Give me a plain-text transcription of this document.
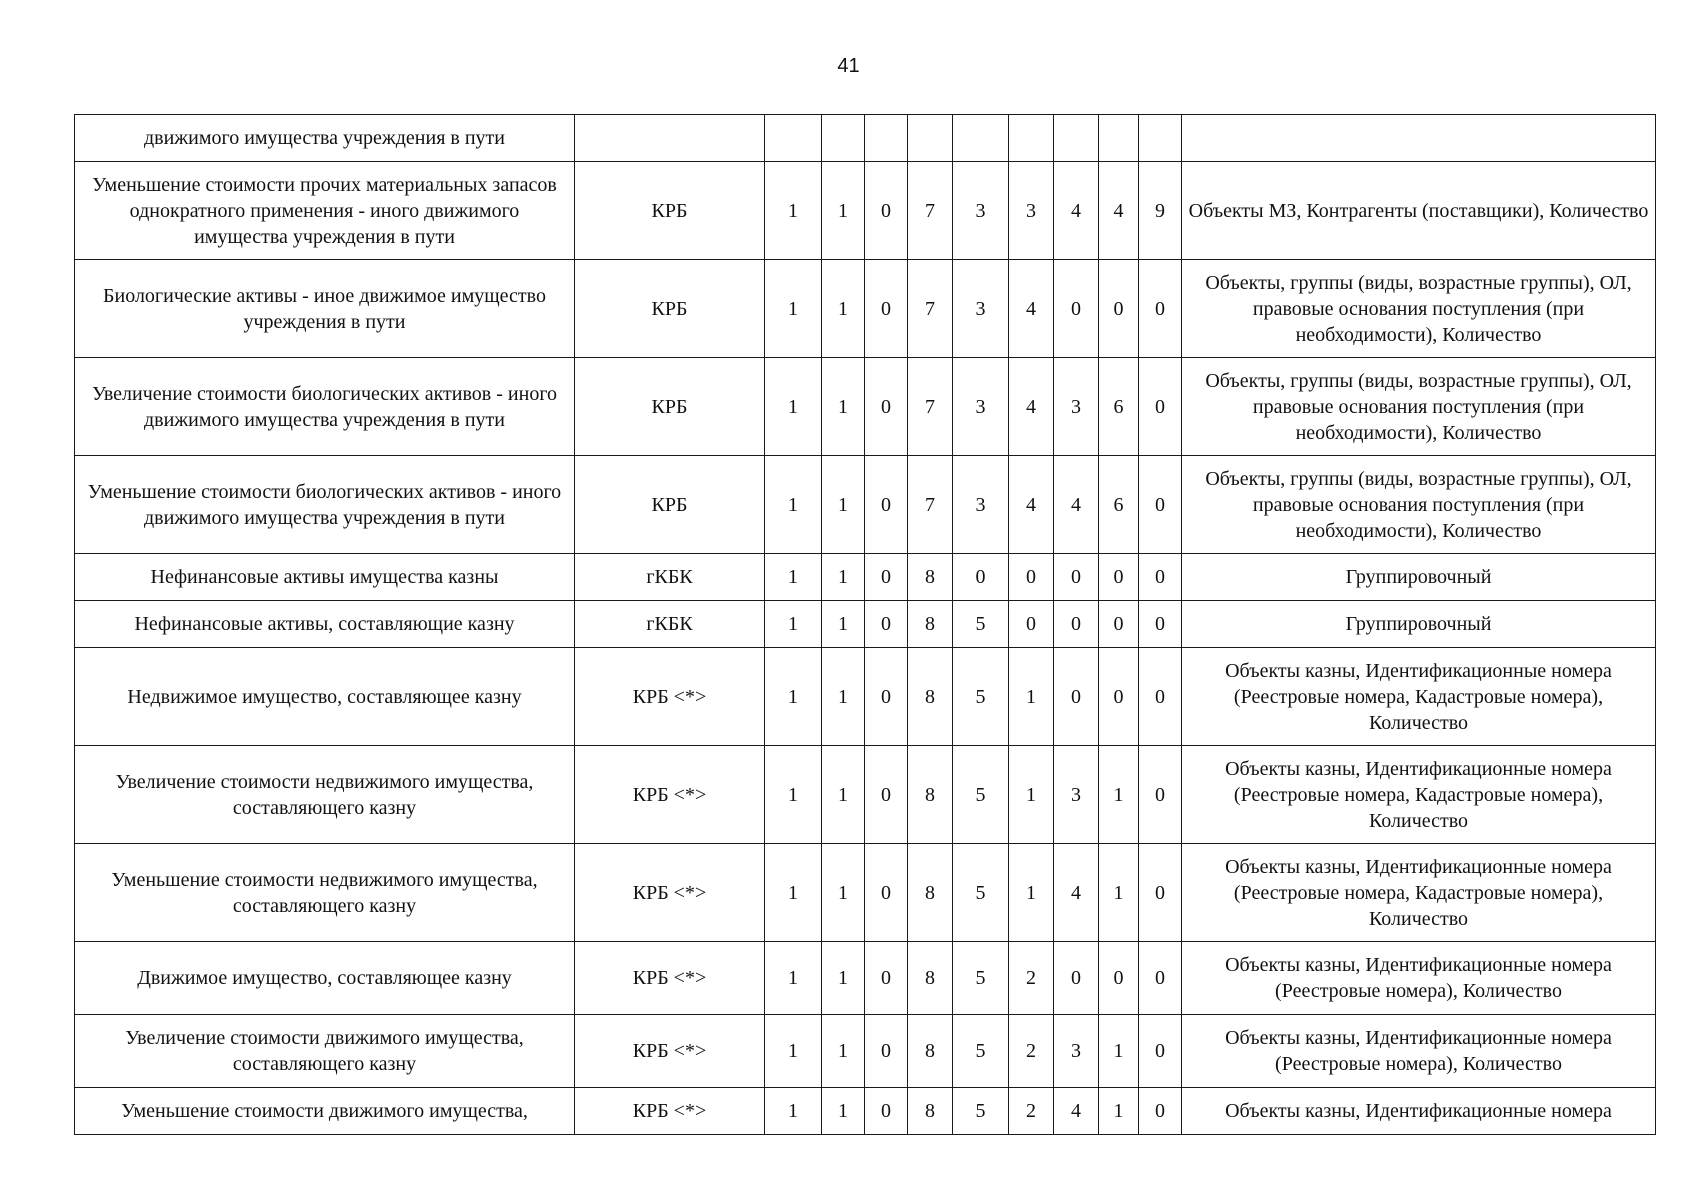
41
движимого имущества учреждения в пути											
Уменьшение стоимости прочих материальных запасов однократного применения - иного движимого имущества учреждения в пути	КРБ	1	1	0	7	3	3	4	4	9	Объекты МЗ, Контрагенты (поставщики), Количество
Биологические активы - иное движимое имущество учреждения в пути	КРБ	1	1	0	7	3	4	0	0	0	Объекты, группы (виды, возрастные группы), ОЛ, правовые основания поступления (при необходимости), Количество
Увеличение стоимости биологических активов - иного движимого имущества учреждения в пути	КРБ	1	1	0	7	3	4	3	6	0	Объекты, группы (виды, возрастные группы), ОЛ, правовые основания поступления (при необходимости), Количество
Уменьшение стоимости биологических активов - иного движимого имущества учреждения в пути	КРБ	1	1	0	7	3	4	4	6	0	Объекты, группы (виды, возрастные группы), ОЛ, правовые основания поступления (при необходимости), Количество
Нефинансовые активы имущества казны	гКБК	1	1	0	8	0	0	0	0	0	Группировочный
Нефинансовые активы, составляющие казну	гКБК	1	1	0	8	5	0	0	0	0	Группировочный
Недвижимое имущество, составляющее казну	КРБ <*>	1	1	0	8	5	1	0	0	0	Объекты казны, Идентификационные номера (Реестровые номера, Кадастровые номера), Количество
Увеличение стоимости недвижимого имущества, составляющего казну	КРБ <*>	1	1	0	8	5	1	3	1	0	Объекты казны, Идентификационные номера (Реестровые номера, Кадастровые номера), Количество
Уменьшение стоимости недвижимого имущества, составляющего казну	КРБ <*>	1	1	0	8	5	1	4	1	0	Объекты казны, Идентификационные номера (Реестровые номера, Кадастровые номера), Количество
Движимое имущество, составляющее казну	КРБ <*>	1	1	0	8	5	2	0	0	0	Объекты казны, Идентификационные номера (Реестровые номера), Количество
Увеличение стоимости движимого имущества, составляющего казну	КРБ <*>	1	1	0	8	5	2	3	1	0	Объекты казны, Идентификационные номера (Реестровые номера), Количество
Уменьшение стоимости движимого имущества,	КРБ <*>	1	1	0	8	5	2	4	1	0	Объекты казны, Идентификационные номера
